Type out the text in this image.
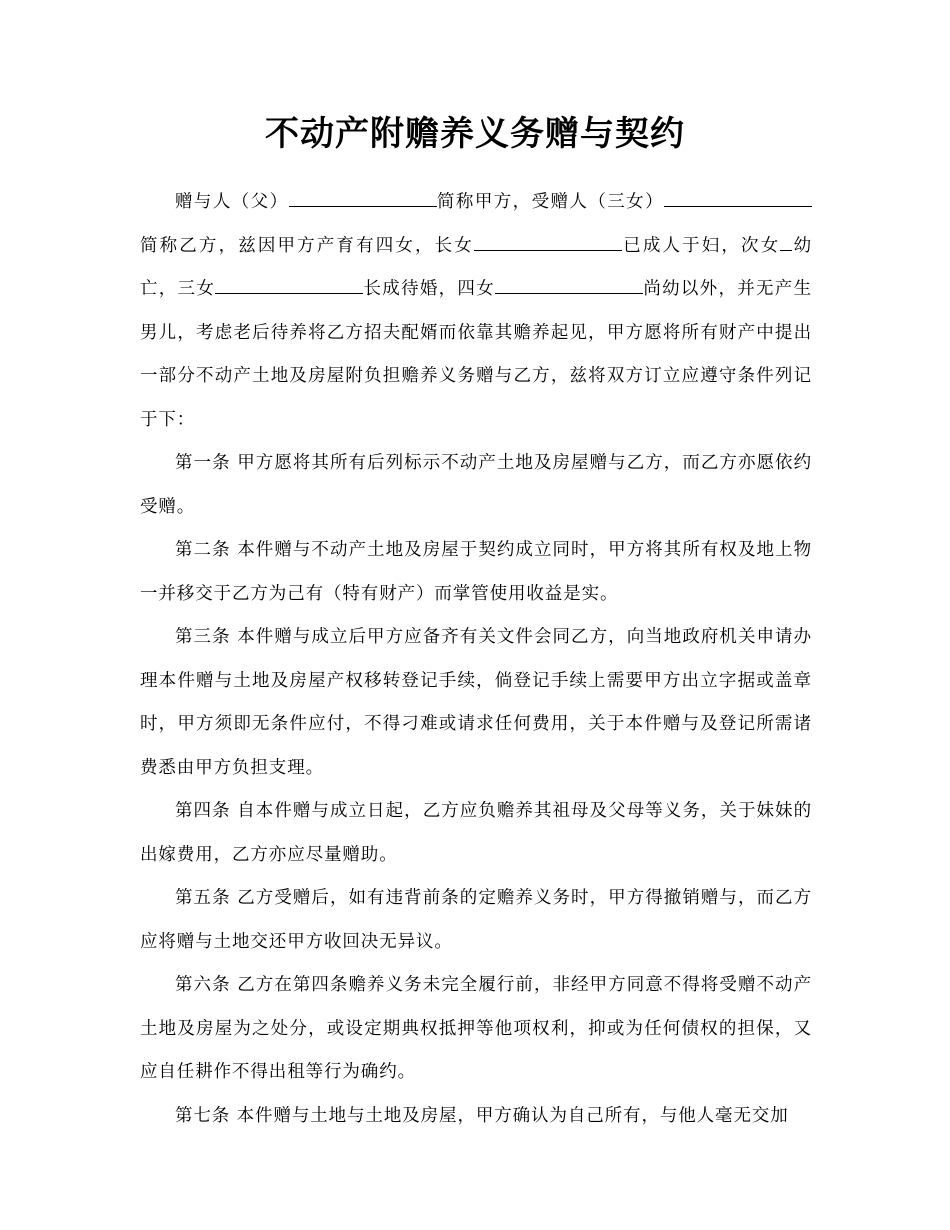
不动产附赡养义务赠与契约

赠与人（父）	简称甲方，受赠人（三女）简称乙方，兹因甲方产育有四女，长女	已成人于妇，次女 幼亡，三女	长成待婚，四女	尚幼以外，并无产生男儿，考虑老后待养将乙方招夫配婿而依靠其赡养起见，甲方愿将所有财产中提出一部分不动产土地及房屋附负担赡养义务赠与乙方，兹将双方订立应遵守条件列记于下：

第一条 甲方愿将其所有后列标示不动产土地及房屋赠与乙方，而乙方亦愿依约受赠。

第二条 本件赠与不动产土地及房屋于契约成立同时，甲方将其所有权及地上物一并移交于乙方为己有（特有财产）而掌管使用收益是实。

第三条 本件赠与成立后甲方应备齐有关文件会同乙方，向当地政府机关申请办理本件赠与土地及房屋产权移转登记手续，倘登记手续上需要甲方出立字据或盖章时，甲方须即无条件应付，不得刁难或请求任何费用，关于本件赠与及登记所需诸费悉由甲方负担支理。

第四条 自本件赠与成立日起，乙方应负赡养其祖母及父母等义务，关于妹妹的出嫁费用，乙方亦应尽量赠助。

第五条 乙方受赠后，如有违背前条的定赡养义务时，甲方得撤销赠与，而乙方应将赠与土地交还甲方收回决无异议。

第六条 乙方在第四条赡养义务未完全履行前，非经甲方同意不得将受赠不动产土地及房屋为之处分，或设定期典权抵押等他项权利，抑或为任何债权的担保，又应自任耕作不得出租等行为确约。

第七条 本件赠与土地与土地及房屋，甲方确认为自己所有，与他人毫无交加
